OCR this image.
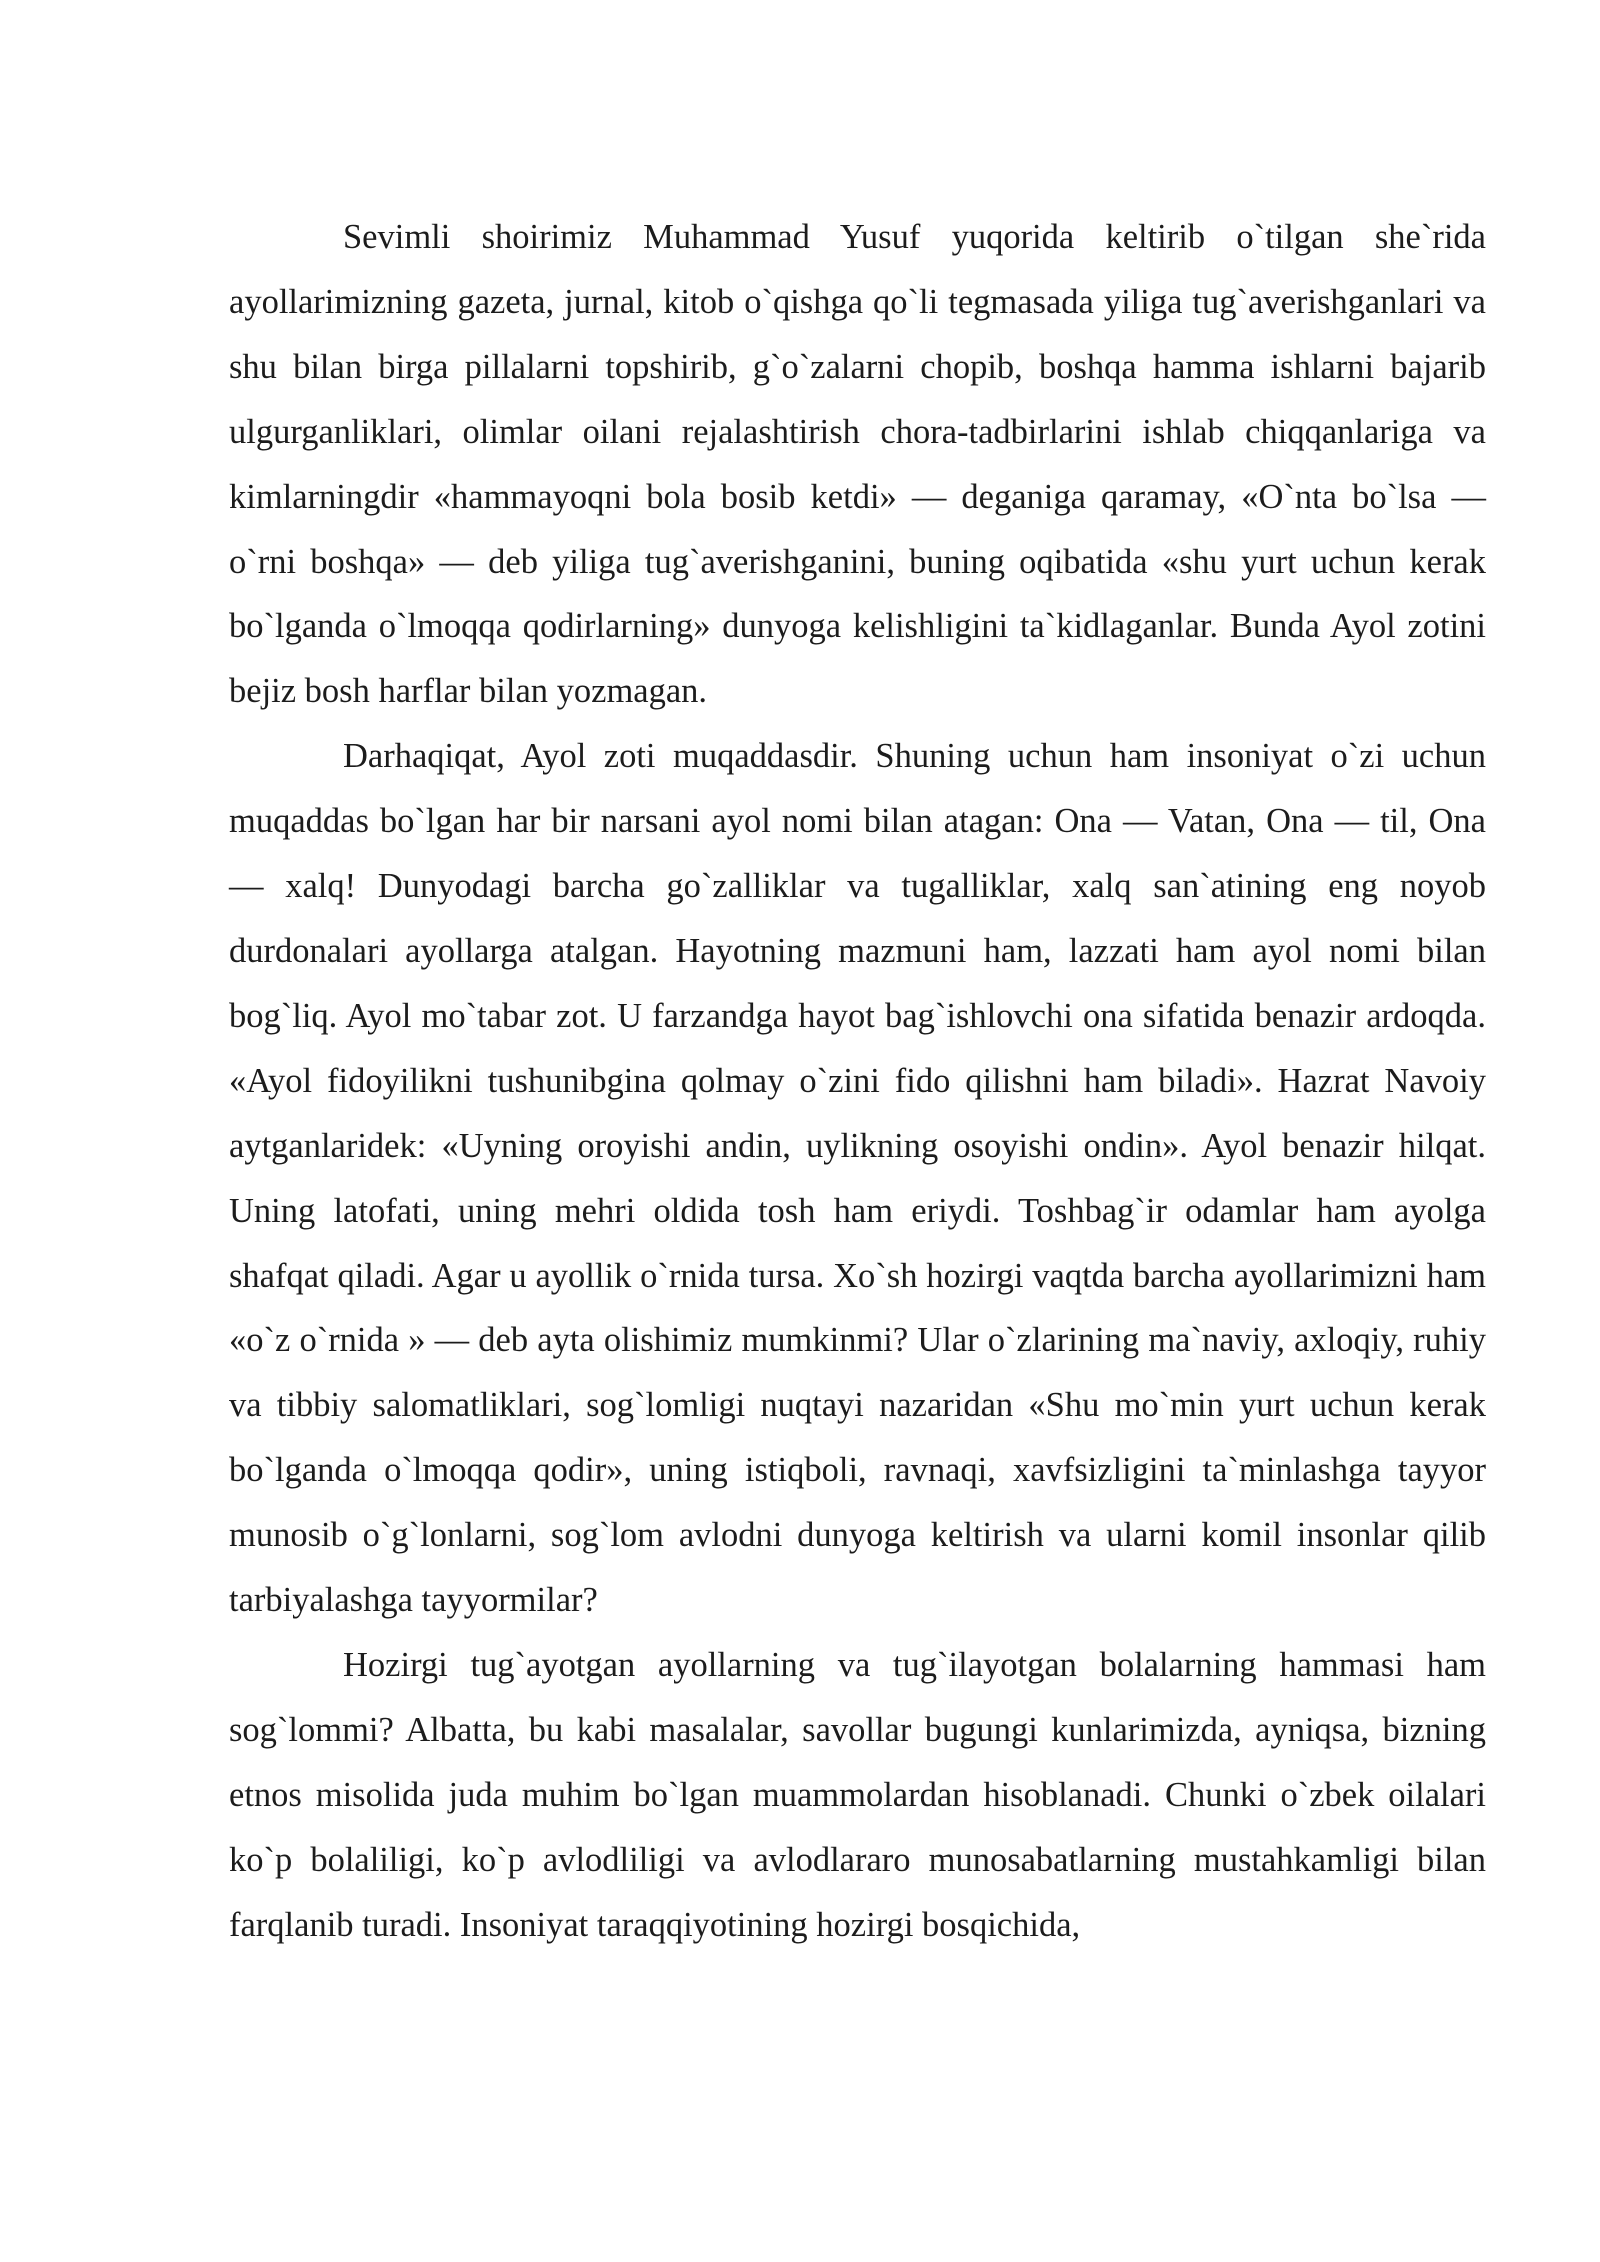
Sevimli shoirimiz Muhammad Yusuf yuqorida keltirib o`tilgan she`rida ayollarimizning gazeta, jurnal, kitob o`qishga qo`li tegmasada yiliga tug`averishganlari va shu bilan birga pillalarni topshirib, g`o`zalarni chopib, boshqa hamma ishlarni bajarib ulgurganliklari, olimlar oilani rejalashtirish chora-tadbirlarini ishlab chiqqanlariga va kimlarningdir «hammayoqni bola bosib ketdi» — deganiga qaramay, «O`nta bo`lsa — o`rni boshqa» — deb yiliga tug`averishganini, buning oqibatida «shu yurt uchun kerak bo`lganda o`lmoqqa qodirlarning» dunyoga kelishligini ta`kidlaganlar. Bunda Ayol zotini bejiz bosh harflar bilan yozmagan.

Darhaqiqat, Ayol zoti muqaddasdir. Shuning uchun ham insoniyat o`zi uchun muqaddas bo`lgan har bir narsani ayol nomi bilan atagan: Ona — Vatan, Ona — til, Ona — xalq! Dunyodagi barcha go`zalliklar va tugalliklar, xalq san`atining eng noyob durdonalari ayollarga atalgan. Hayotning mazmuni ham, lazzati ham ayol nomi bilan bog`liq. Ayol mo`tabar zot. U farzandga hayot bag`ishlovchi ona sifatida benazir ardoqda. «Ayol fidoyilikni tushunibgina qolmay o`zini fido qilishni ham biladi». Hazrat Navoiy aytganlaridek: «Uyning oroyishi andin, uylikning osoyishi ondin». Ayol benazir hilqat. Uning latofati, uning mehri oldida tosh ham eriydi. Toshbag`ir odamlar ham ayolga shafqat qiladi. Agar u ayollik o`rnida tursa. Xo`sh hozirgi vaqtda barcha ayollarimizni ham «o`z o`rnida » — deb ayta olishimiz mumkinmi? Ular o`zlarining ma`naviy, axloqiy, ruhiy va tibbiy salomatliklari, sog`lomligi nuqtayi nazaridan «Shu mo`min yurt uchun kerak bo`lganda o`lmoqqa qodir», uning istiqboli, ravnaqi, xavfsizligini ta`minlashga tayyor munosib o`g`lonlarni, sog`lom avlodni dunyoga keltirish va ularni komil insonlar qilib tarbiyalashga tayyormilar?

Hozirgi tug`ayotgan ayollarning va tug`ilayotgan bolalarning hammasi ham sog`lommi? Albatta, bu kabi masalalar, savollar bugungi kunlarimizda, ayniqsa, bizning etnos misolida juda muhim bo`lgan muammolardan hisoblanadi. Chunki o`zbek oilalari ko`p bolaliligi, ko`p avlodliligi va avlodlararo munosabatlarning mustahkamligi bilan farqlanib turadi. Insoniyat taraqqiyotining hozirgi bosqichida,
